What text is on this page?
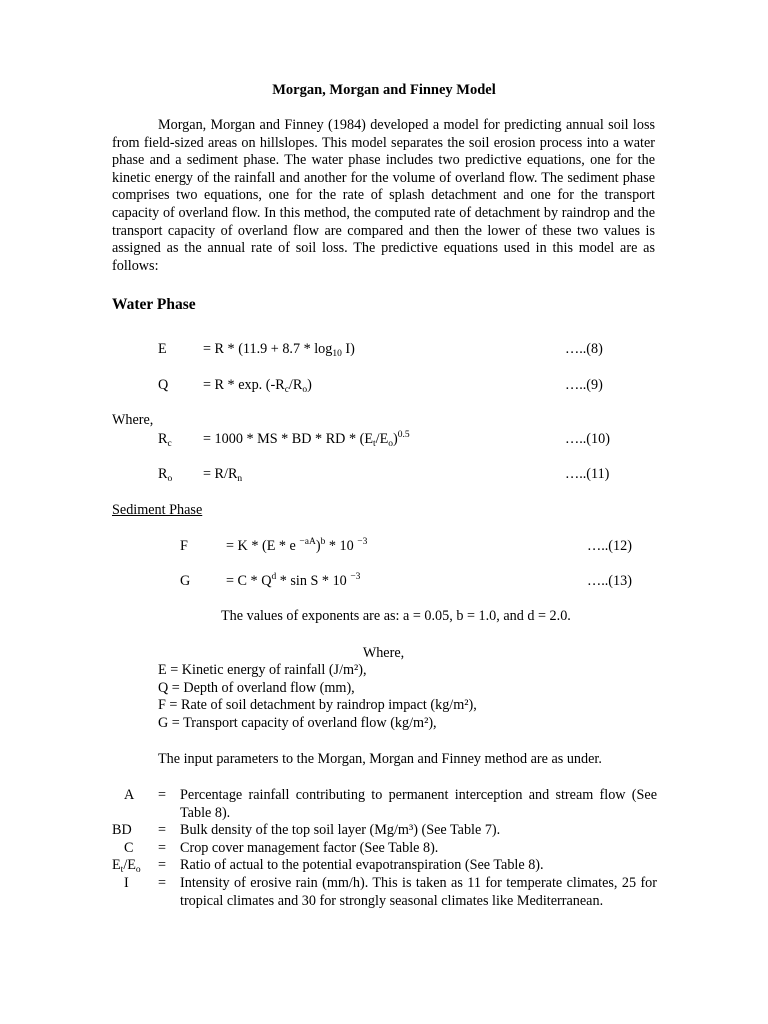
Morgan, Morgan and Finney Model
Morgan, Morgan and Finney (1984) developed a model for predicting annual soil loss from field-sized areas on hillslopes. This model separates the soil erosion process into a water phase and a sediment phase. The water phase includes two predictive equations, one for the kinetic energy of the rainfall and another for the volume of overland flow. The sediment phase comprises two equations, one for the rate of splash detachment and one for the transport capacity of overland flow. In this method, the computed rate of detachment by raindrop and the transport capacity of overland flow are compared and then the lower of these two values is assigned as the annual rate of soil loss. The predictive equations used in this model are as follows:
Water Phase
E	= $R * (11.9 + 8.7 * \log_{10} I)$	…..(8)
Q = R * exp. $(-R_c/R_o)$	…..(9)
Where,
$R_c = 1000$ * MS * BD * RD * $(E_t/E_o)^{0.5}$	…..(10)
$R_o = R/R_n$	…..(11)
Sediment Phase
F	= K * (E * e $^{-aA}$)$^b$ * 10 $^{-3}$	…..(12)
G	= C * $Q^d$ * sin S * 10 $^{-3}$	…..(13)
The values of exponents are as: a = 0.05, b = 1.0, and d = 2.0.
Where,
E = Kinetic energy of rainfall (J/m²),
Q = Depth of overland flow (mm),
F = Rate of soil detachment by raindrop impact (kg/m²),
G = Transport capacity of overland flow (kg/m²),
The input parameters to the Morgan, Morgan and Finney method are as under.
A	= Percentage rainfall contributing to permanent interception and stream flow (See Table 8).
BD	= Bulk density of the top soil layer (Mg/m³) (See Table 7).
C	= Crop cover management factor (See Table 8).
$E_t/E_o$	= Ratio of actual to the potential evapotranspiration (See Table 8).
I	= Intensity of erosive rain (mm/h). This is taken as 11 for temperate climates, 25 for tropical climates and 30 for strongly seasonal climates like Mediterranean.
